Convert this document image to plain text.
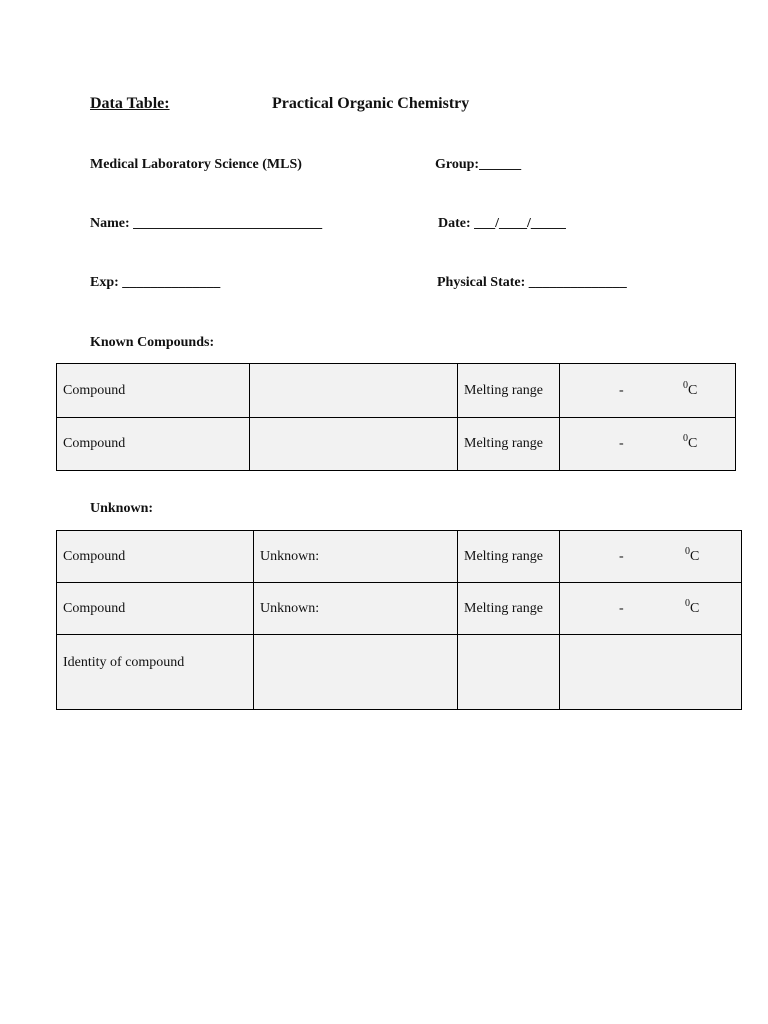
Data Table:	Practical Organic Chemistry
Medical Laboratory Science (MLS)	Group:______
Name: ___________________________	Date: ___/____/_____
Exp: ______________	Physical State: ______________
Known Compounds:
Compound		Melting range	- $^0$C

Compound		Melting range	- $^0$C
Unknown:
Compound	Unknown:	Melting range	- $^0$C

Compound	Unknown:	Melting range	- $^0$C

Identity of compound			
